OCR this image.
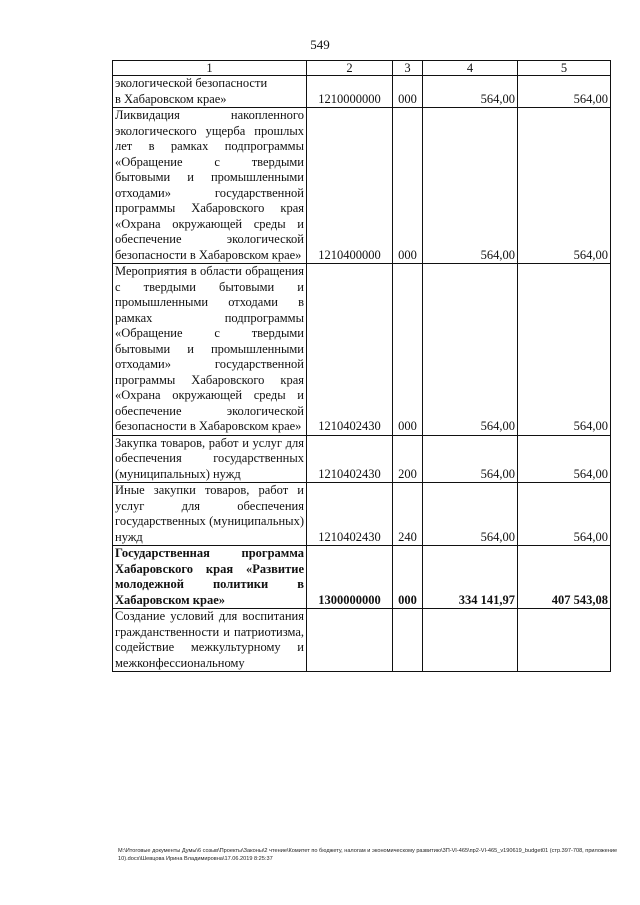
549
1	2	3	4	5
экологической безопасности
в Хабаровском крае»	1210000000	000	564,00	564,00
Ликвидация накопленного экологического ущерба прошлых лет в рамках подпрограммы «Обращение с твердыми бытовыми и промышленными отходами» государственной программы Хабаровского края «Охрана окружающей среды и обеспечение экологической безопасности в Хабаровском крае»	1210400000	000	564,00	564,00
Мероприятия в области обращения с твердыми бытовыми и промышленными отходами в рамках подпрограммы «Обращение с твердыми бытовыми и промышленными отходами» государственной программы Хабаровского края «Охрана окружающей среды и обеспечение экологической безопасности в Хабаровском крае»	1210402430	000	564,00	564,00
Закупка товаров, работ и услуг для обеспечения государственных (муниципальных) нужд	1210402430	200	564,00	564,00
Иные закупки товаров, работ и услуг для обеспечения государственных (муниципальных) нужд	1210402430	240	564,00	564,00
Государственная программа Хабаровского края «Развитие молодежной политики в Хабаровском крае»	1300000000	000	334 141,97	407 543,08
Создание условий для воспитания гражданственности и патриотизма, содействие межкультурному и межконфессиональному				
M:\Итоговые документы Думы\6 созыв\Проекты\Законы\2 чтение\Комитет по бюджету, налогам и экономическому развитию\3П-VI-465\пр2-VI-465_v190619_budget01 (стр.397-708, приложение 10).docx\Шевцова Ирина Владимировна\17.06.2019 8:25:37
